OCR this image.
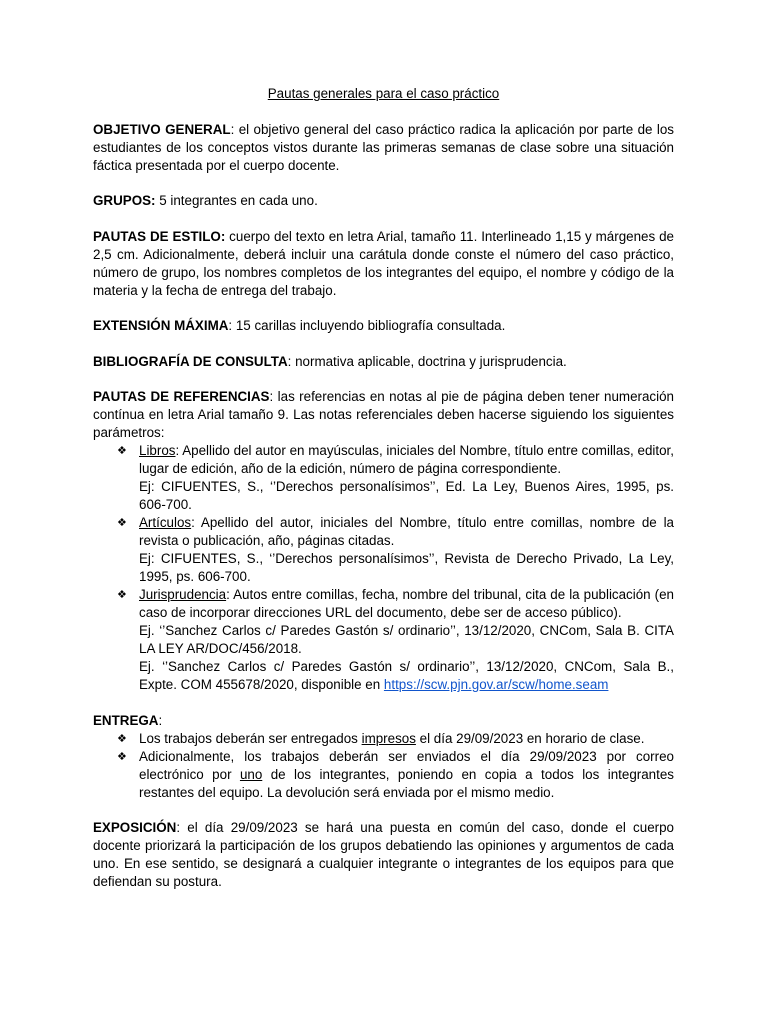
Pautas generales para el caso práctico

OBJETIVO GENERAL: el objetivo general del caso práctico radica la aplicación por parte de los estudiantes de los conceptos vistos durante las primeras semanas de clase sobre una situación fáctica presentada por el cuerpo docente.

GRUPOS: 5 integrantes en cada uno.

PAUTAS DE ESTILO: cuerpo del texto en letra Arial, tamaño 11. Interlineado 1,15 y márgenes de 2,5 cm. Adicionalmente, deberá incluir una carátula donde conste el número del caso práctico, número de grupo, los nombres completos de los integrantes del equipo, el nombre y código de la materia y la fecha de entrega del trabajo.

EXTENSIÓN MÁXIMA: 15 carillas incluyendo bibliografía consultada.

BIBLIOGRAFÍA DE CONSULTA: normativa aplicable, doctrina y jurisprudencia.

PAUTAS DE REFERENCIAS: las referencias en notas al pie de página deben tener numeración contínua en letra Arial tamaño 9. Las notas referenciales deben hacerse siguiendo los siguientes parámetros:

❖ Libros: Apellido del autor en mayúsculas, iniciales del Nombre, título entre comillas, editor, lugar de edición, año de la edición, número de página correspondiente.
Ej: CIFUENTES, S., ‘’Derechos personalísimos’’, Ed. La Ley, Buenos Aires, 1995, ps. 606-700.
❖ Artículos: Apellido del autor, iniciales del Nombre, título entre comillas, nombre de la revista o publicación, año, páginas citadas.
Ej: CIFUENTES, S., ‘’Derechos personalísimos’’, Revista de Derecho Privado, La Ley, 1995, ps. 606-700.
❖ Jurisprudencia: Autos entre comillas, fecha, nombre del tribunal, cita de la publicación (en caso de incorporar direcciones URL del documento, debe ser de acceso público).
Ej. ‘’Sanchez Carlos c/ Paredes Gastón s/ ordinario’’, 13/12/2020, CNCom, Sala B. CITA LA LEY AR/DOC/456/2018.
Ej. ‘’Sanchez Carlos c/ Paredes Gastón s/ ordinario’’, 13/12/2020, CNCom, Sala B., Expte. COM 455678/2020, disponible en https://scw.pjn.gov.ar/scw/home.seam

ENTREGA:

❖ Los trabajos deberán ser entregados impresos el día 29/09/2023 en horario de clase.
❖ Adicionalmente, los trabajos deberán ser enviados el día 29/09/2023 por correo electrónico por uno de los integrantes, poniendo en copia a todos los integrantes restantes del equipo. La devolución será enviada por el mismo medio.

EXPOSICIÓN: el día 29/09/2023 se hará una puesta en común del caso, donde el cuerpo docente priorizará la participación de los grupos debatiendo las opiniones y argumentos de cada uno. En ese sentido, se designará a cualquier integrante o integrantes de los equipos para que defiendan su postura.
